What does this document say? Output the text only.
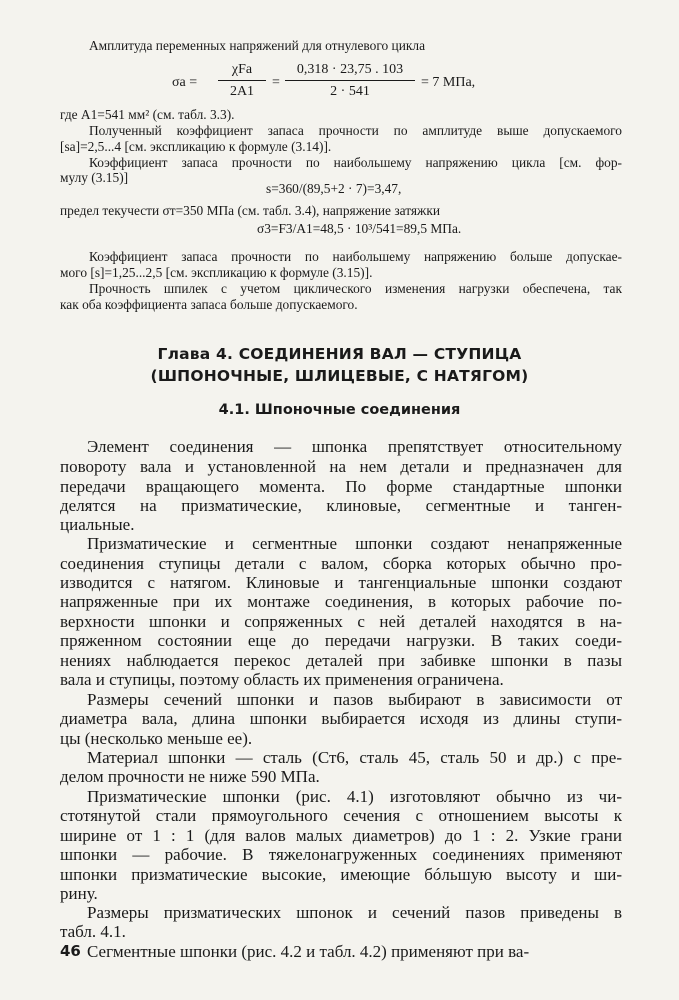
Амплитуда переменных напряжений для отнулевого цикла
σa =
χFa
2A1
=
0,318 · 23,75 . 103
2 · 541
= 7 МПа,
где A1=541 мм² (см. табл. 3.3).
Полученный коэффициент запаса прочности по амплитуде выше допускаемого
[sa]=2,5...4 [см. экспликацию к формуле (3.14)].
Коэффициент запаса прочности по наибольшему напряжению цикла [см. фор-
мулу (3.15)]
s=360/(89,5+2 · 7)=3,47,
предел текучести σт=350 МПа (см. табл. 3.4), напряжение затяжки
σ3=F3/A1=48,5 · 10³/541=89,5 МПа.
Коэффициент запаса прочности по наибольшему напряжению больше допускае-
мого [s]=1,25...2,5 [см. экспликацию к формуле (3.15)].
Прочность шпилек с учетом циклического изменения нагрузки обеспечена, так
как оба коэффициента запаса больше допускаемого.
Глава 4. СОЕДИНЕНИЯ ВАЛ — СТУПИЦА
(ШПОНОЧНЫЕ, ШЛИЦЕВЫЕ, С НАТЯГОМ)
4.1. Шпоночные соединения
Элемент соединения — шпонка препятствует относительному
повороту вала и установленной на нем детали и предназначен для
передачи вращающего момента. По форме стандартные шпонки
делятся на призматические, клиновые, сегментные и танген-
циальные.
Призматические и сегментные шпонки создают ненапряженные
соединения ступицы детали с валом, сборка которых обычно про-
изводится с натягом. Клиновые и тангенциальные шпонки создают
напряженные при их монтаже соединения, в которых рабочие по-
верхности шпонки и сопряженных с ней деталей находятся в на-
пряженном состоянии еще до передачи нагрузки. В таких соеди-
нениях наблюдается перекос деталей при забивке шпонки в пазы
вала и ступицы, поэтому область их применения ограничена.
Размеры сечений шпонки и пазов выбирают в зависимости от
диаметра вала, длина шпонки выбирается исходя из длины ступи-
цы (несколько меньше ее).
Материал шпонки — сталь (Ст6, сталь 45, сталь 50 и др.) с пре-
делом прочности не ниже 590 МПа.
Призматические шпонки (рис. 4.1) изготовляют обычно из чи-
стотянутой стали прямоугольного сечения с отношением высоты к
ширине от 1 : 1 (для валов малых диаметров) до 1 : 2. Узкие грани
шпонки — рабочие. В тяжелонагруженных соединениях применяют
шпонки призматические высокие, имеющие бóльшую высоту и ши-
рину.
Размеры призматических шпонок и сечений пазов приведены в
табл. 4.1.
Сегментные шпонки (рис. 4.2 и табл. 4.2) применяют при ва-
46
